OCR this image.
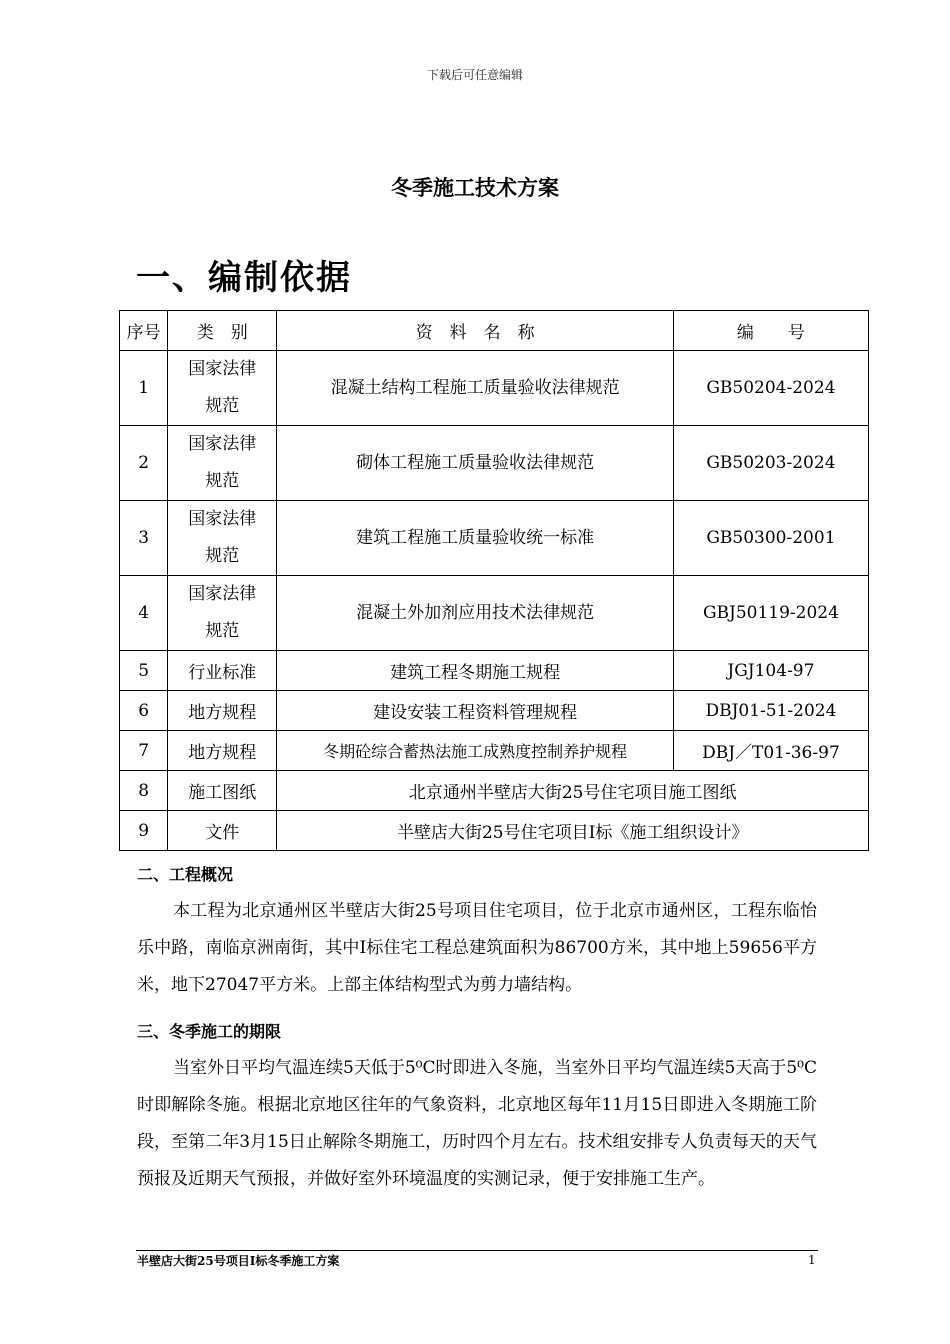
下载后可任意编辑
冬季施工技术方案
一、编制依据
序号	类　别	资　料　名　称	编　　号
1	国家法律规范	混凝土结构工程施工质量验收法律规范	GB50204-2024
2	国家法律规范	砌体工程施工质量验收法律规范	GB50203-2024
3	国家法律规范	建筑工程施工质量验收统一标准	GB50300-2001
4	国家法律规范	混凝土外加剂应用技术法律规范	GBJ50119-2024
5	行业标准	建筑工程冬期施工规程	JGJ104-97
6	地方规程	建设安装工程资料管理规程	DBJ01-51-2024
7	地方规程	冬期砼综合蓄热法施工成熟度控制养护规程	DBJ／T01-36-97
8	施工图纸	北京通州半壁店大街25号住宅项目施工图纸	
9	文件	半壁店大街25号住宅项目Ⅰ标《施工组织设计》	
二、工程概况
本工程为北京通州区半壁店大街25号项目住宅项目，位于北京市通州区，工程东临怡乐中路，南临京洲南街，其中Ⅰ标住宅工程总建筑面积为86700方米，其中地上59656平方米，地下27047平方米。上部主体结构型式为剪力墙结构。
三、冬季施工的期限
当室外日平均气温连续5天低于5⁰C时即进入冬施，当室外日平均气温连续5天高于5⁰C时即解除冬施。根据北京地区往年的气象资料，北京地区每年11月15日即进入冬期施工阶段，至第二年3月15日止解除冬期施工，历时四个月左右。技术组安排专人负责每天的天气预报及近期天气预报，并做好室外环境温度的实测记录，便于安排施工生产。
半壁店大街25号项目Ⅰ标冬季施工方案	1
